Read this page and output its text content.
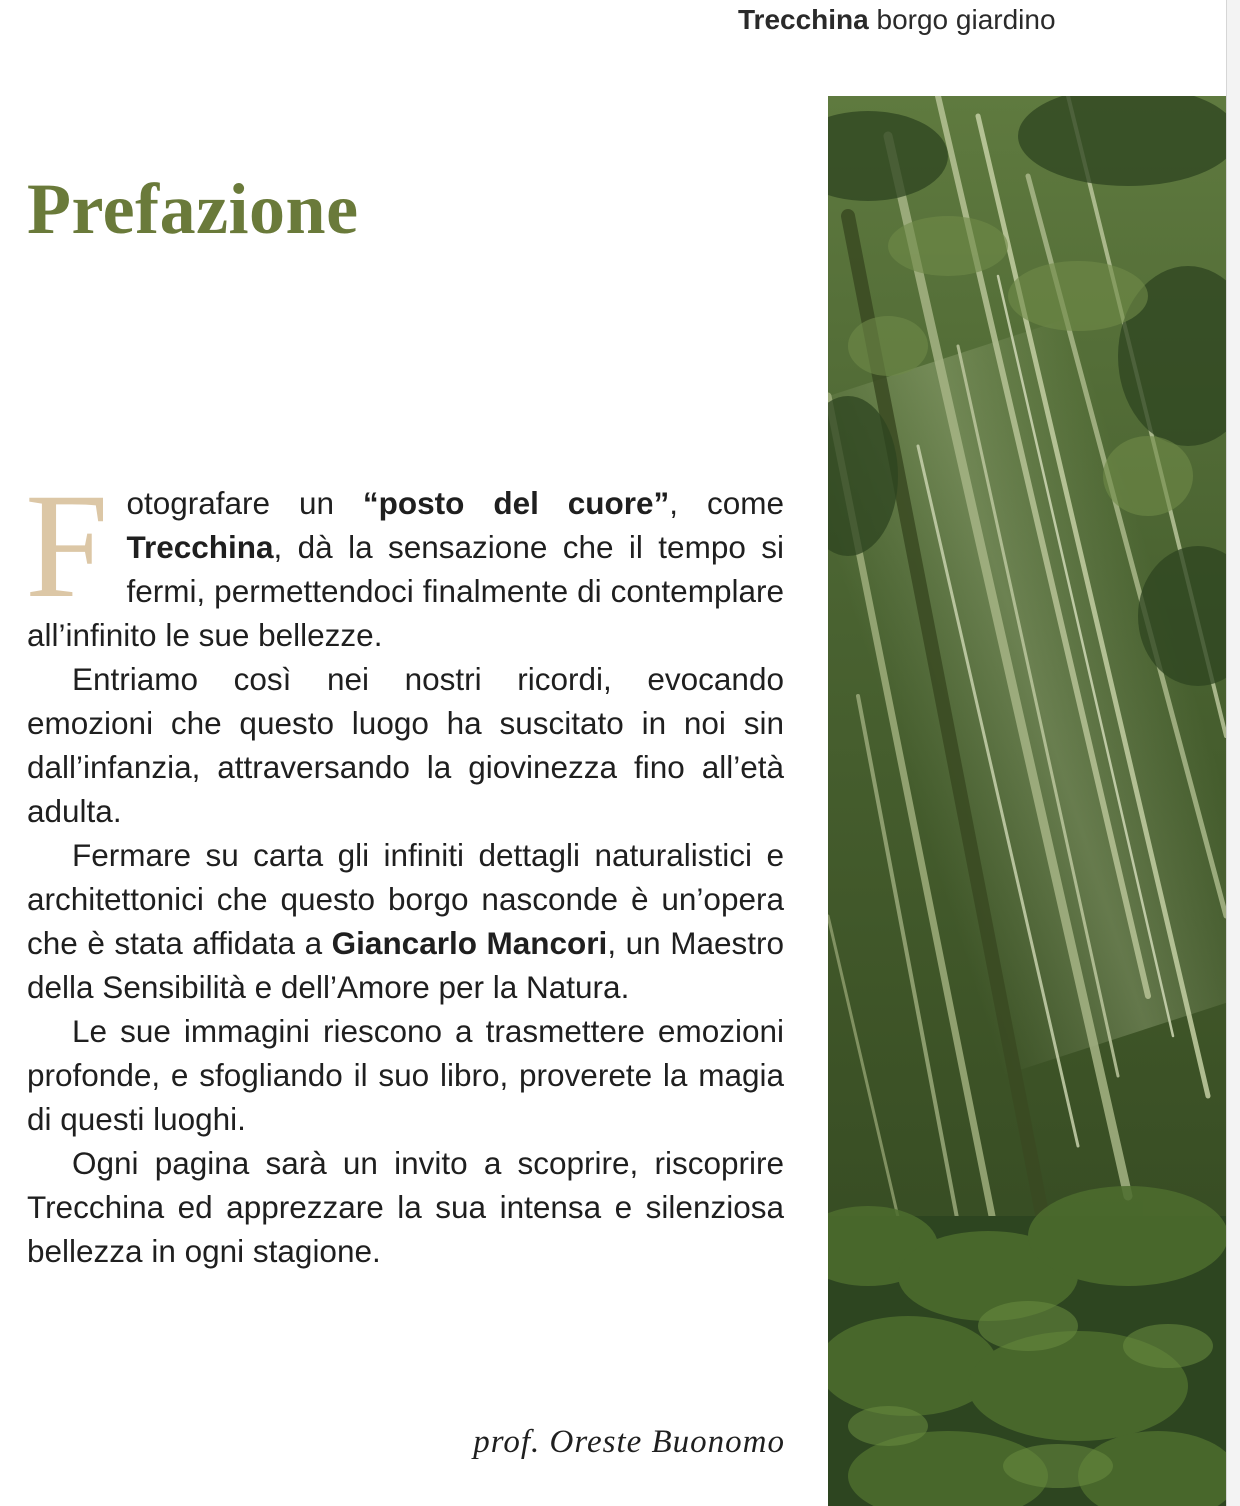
Trecchina borgo giardino
Prefazione

Fotografare un “posto del cuore”, come Trecchina, dà la sensazione che il tempo si fermi, permettendoci finalmente di contemplare all’infinito le sue bellezze.

Entriamo così nei nostri ricordi, evocando emozioni che questo luogo ha suscitato in noi sin dall’infanzia, attraversando la giovinezza fino all’età adulta.

Fermare su carta gli infiniti dettagli naturalistici e architettonici che questo borgo nasconde è un’opera che è stata affidata a Giancarlo Mancori, un Maestro della Sensibilità e dell’Amore per la Natura.

Le sue immagini riescono a trasmettere emozioni profonde, e sfogliando il suo libro, proverete la magia di questi luoghi.

Ogni pagina sarà un invito a scoprire, riscoprire Trecchina ed apprezzare la sua intensa e silenziosa bellezza in ogni stagione.

prof. Oreste Buonomo
